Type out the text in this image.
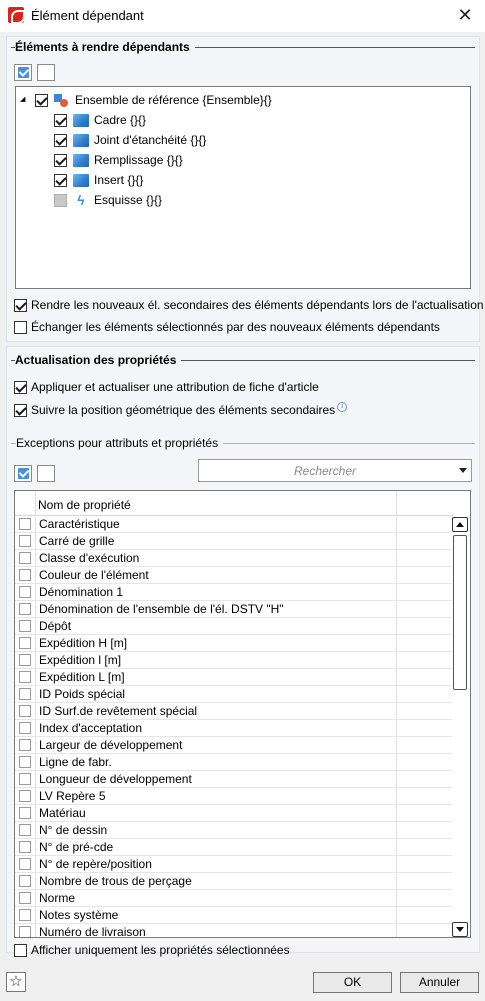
Élément dépendant	✕
Éléments à rendre dépendants
◢	Ensemble de référence {Ensemble}{}
Cadre {}{}
Joint d'étanchéité {}{}
Remplissage {}{}
Insert {}{}
ϟ Esquisse {}{}
Rendre les nouveaux él. secondaires des éléments dépendants lors de l'actualisation
Échanger les éléments sélectionnés par des nouveaux éléments dépendants
Actualisation des propriétés
Exceptions pour attributs et propriétés
Appliquer et actualiser une attribution de fiche d'article
Suivre la position géométrique des éléments secondaires i
Rechercher
Nom de propriété
Caractéristique
Carré de grille
Classe d'exécution
Couleur de l'élément
Dénomination 1
Dénomination de l'ensemble de l'él. DSTV "H"
Dépôt
Expédition H [m]
Expédition l [m]
Expédition L [m]
ID Poids spécial
ID Surf.de revêtement spécial
Index d'acceptation
Largeur de développement
Ligne de fabr.
Longueur de développement
LV Repère 5
Matériau
N° de dessin
N° de pré-cde
N° de repère/position
Nombre de trous de perçage
Norme
Notes système
Numéro de livraison
Afficher uniquement les propriétés sélectionnées
☆	OK	Annuler
